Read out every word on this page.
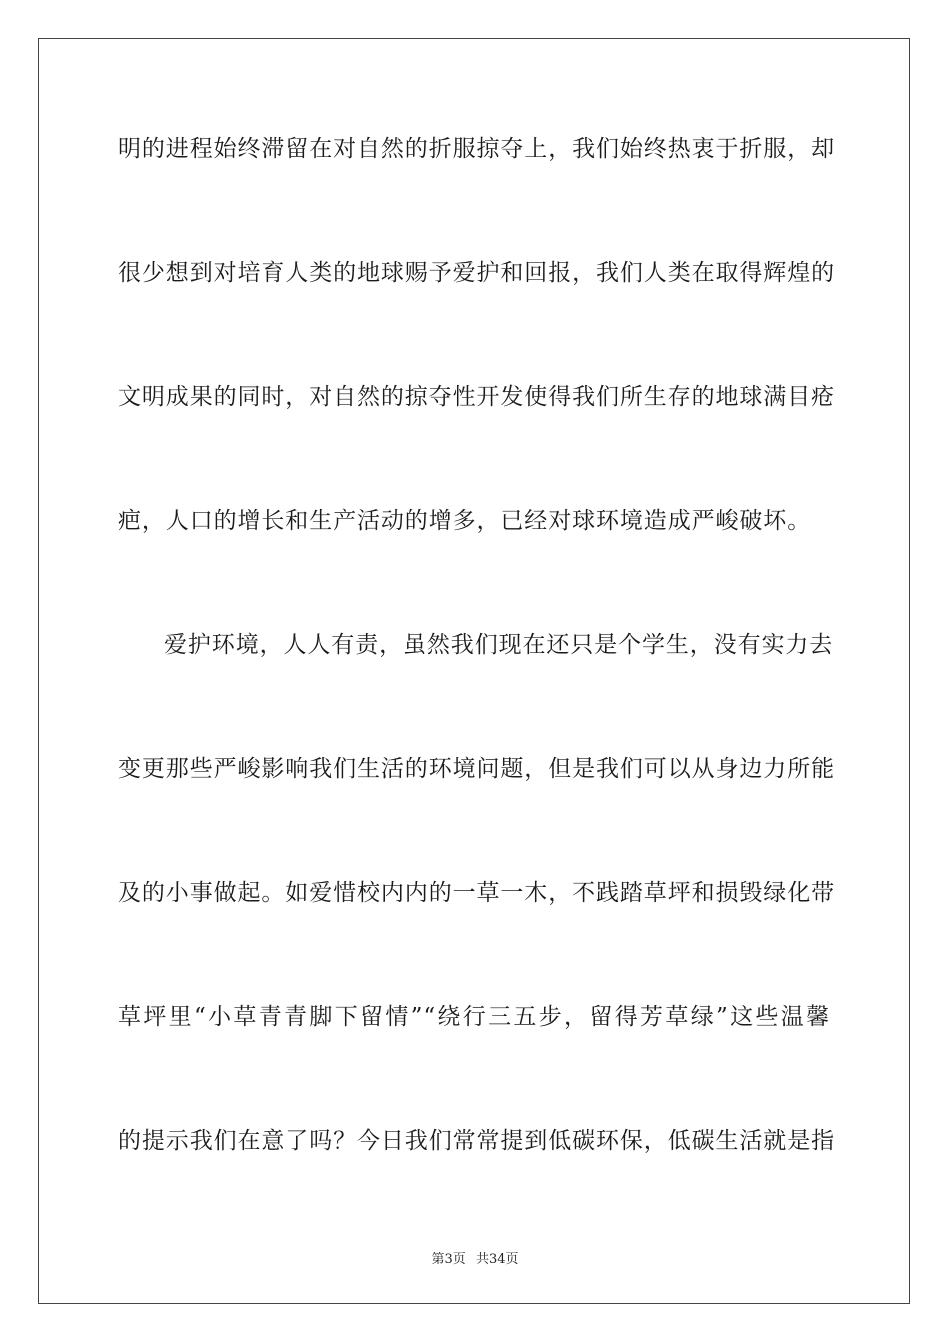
明的进程始终滞留在对自然的折服掠夺上，我们始终热衷于折服，却
很少想到对培育人类的地球赐予爱护和回报，我们人类在取得辉煌的
文明成果的同时，对自然的掠夺性开发使得我们所生存的地球满目疮
疤，人口的增长和生产活动的增多，已经对球环境造成严峻破坏。
爱护环境，人人有责，虽然我们现在还只是个学生，没有实力去
变更那些严峻影响我们生活的环境问题，但是我们可以从身边力所能
及的小事做起。如爱惜校内内的一草一木，不践踏草坪和损毁绿化带
草坪里“小草青青脚下留情”“绕行三五步，留得芳草绿”这些温馨
的提示我们在意了吗？今日我们常常提到低碳环保，低碳生活就是指
第3页 共34页
